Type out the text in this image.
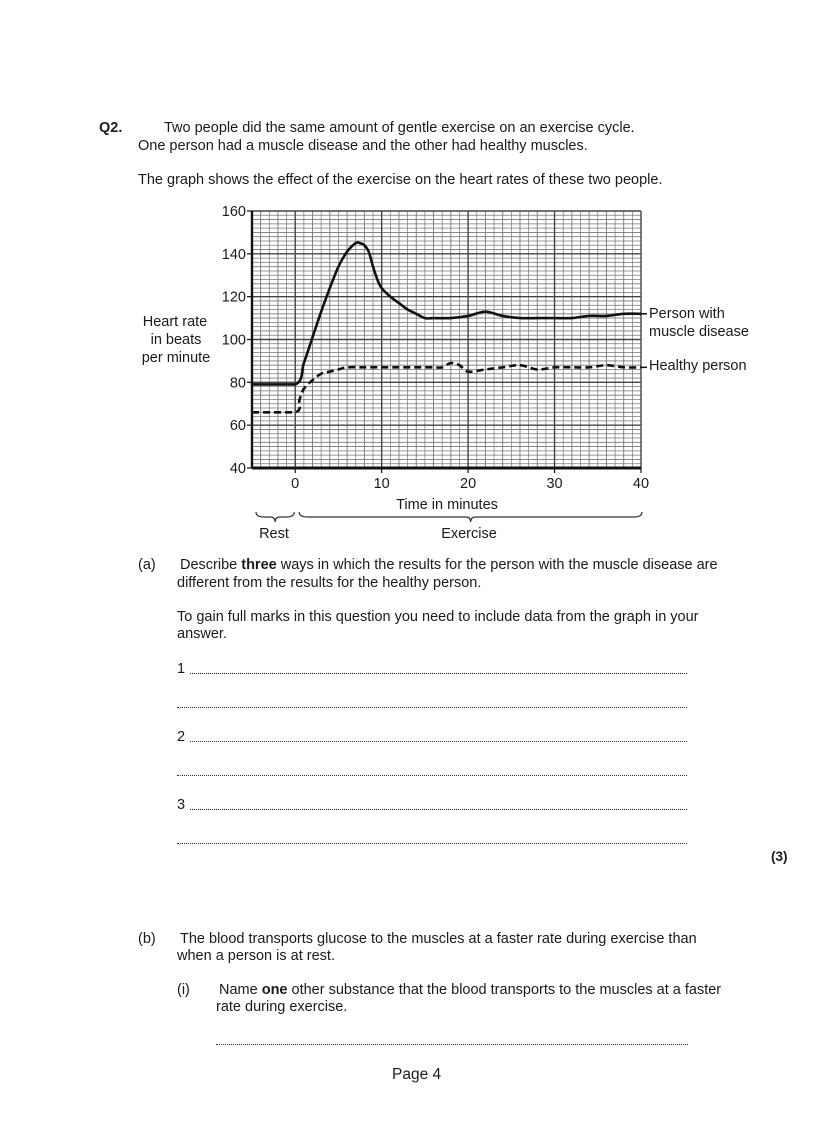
Q2.	Two people did the same amount of gentle exercise on an exercise cycle.
One person had a muscle disease and the other had healthy muscles.
The graph shows the effect of the exercise on the heart rates of these two people.
40
60
80
100
120
140
160
0	10	20	30	40
Heart rate
in beats
per minute
Time in minutes
Person with
muscle disease
Healthy person
Rest	Exercise
(a) Describe three ways in which the results for the person with the muscle disease are
different from the results for the healthy person.
To gain full marks in this question you need to include data from the graph in your
answer.
1
2
3
(3)
(b) The blood transports glucose to the muscles at a faster rate during exercise than
when a person is at rest.
(i) Name one other substance that the blood transports to the muscles at a faster
rate during exercise.
Page 4
